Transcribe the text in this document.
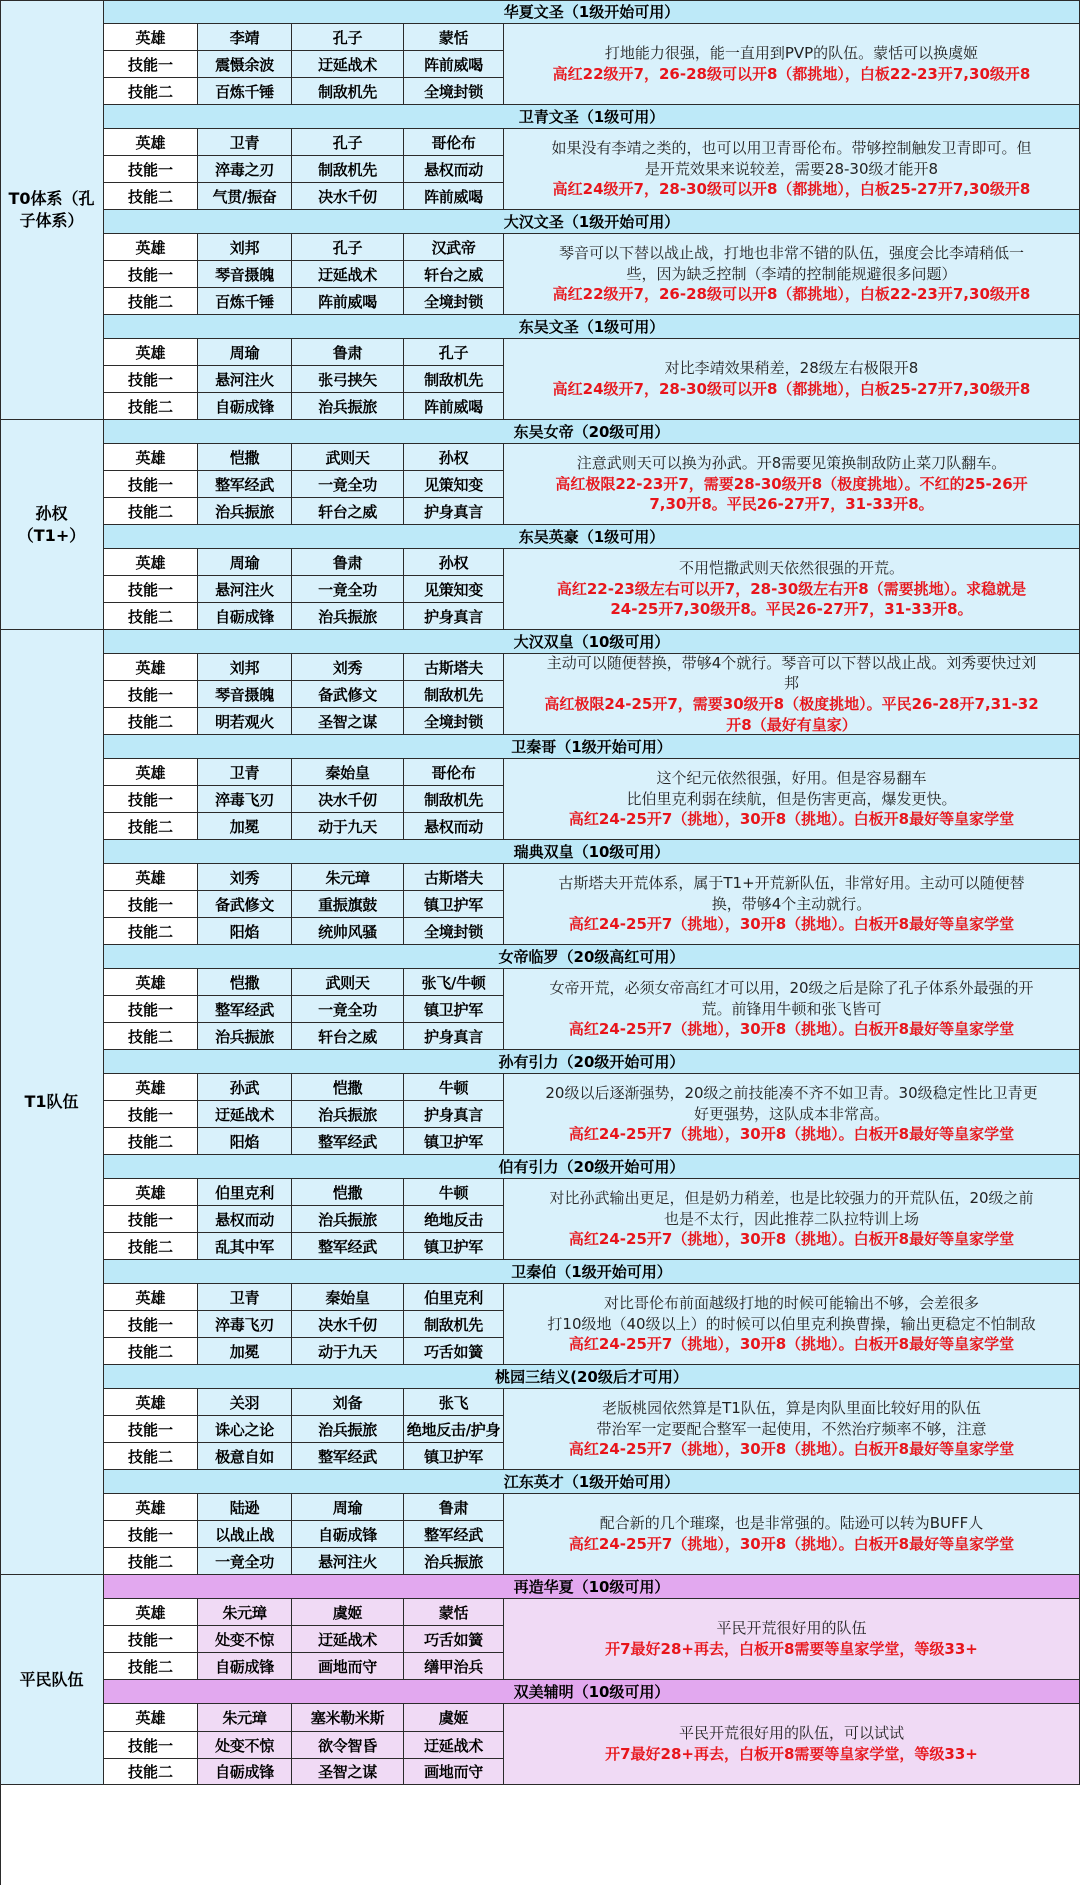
T0体系（孔子体系）
华夏文圣（1级开始可用）
英雄	李靖	孔子	蒙恬
技能一	震慑余波	迂延战术	阵前威喝
技能二	百炼千锤	制敌机先	全境封锁
打地能力很强，能一直用到PVP的队伍。蒙恬可以换虞姬
高红22级开7，26-28级可以开8（都挑地），白板22-23开7,30级开8
卫青文圣（1级可用）
英雄	卫青	孔子	哥伦布
技能一	淬毒之刃	制敌机先	悬权而动
技能二	气贯/振奋	决水千仞	阵前威喝
如果没有李靖之类的，也可以用卫青哥伦布。带够控制触发卫青即可。但
是开荒效果来说较差，需要28-30级才能开8
高红24级开7，28-30级可以开8（都挑地），白板25-27开7,30级开8
大汉文圣（1级开始可用）
英雄	刘邦	孔子	汉武帝
技能一	琴音摄魄	迂延战术	轩台之威
技能二	百炼千锤	阵前威喝	全境封锁
琴音可以下替以战止战，打地也非常不错的队伍，强度会比李靖稍低一
些，因为缺乏控制（李靖的控制能规避很多问题）
高红22级开7，26-28级可以开8（都挑地），白板22-23开7,30级开8
东吴文圣（1级可用）
英雄	周瑜	鲁肃	孔子
技能一	悬河注火	张弓挟矢	制敌机先
技能二	自砺成锋	治兵振旅	阵前威喝
对比李靖效果稍差，28级左右极限开8
高红24级开7，28-30级可以开8（都挑地），白板25-27开7,30级开8
孙权（T1+）
东吴女帝（20级可用）
英雄	恺撒	武则天	孙权
技能一	整军经武	一竟全功	见策知变
技能二	治兵振旅	轩台之威	护身真言
注意武则天可以换为孙武。开8需要见策换制敌防止菜刀队翻车。
高红极限22-23开7，需要28-30级开8（极度挑地）。不红的25-26开
7,30开8。平民26-27开7，31-33开8。
东吴英豪（1级可用）
英雄	周瑜	鲁肃	孙权
技能一	悬河注火	一竟全功	见策知变
技能二	自砺成锋	治兵振旅	护身真言
不用恺撒武则天依然很强的开荒。
高红22-23级左右可以开7，28-30级左右开8（需要挑地）。求稳就是
24-25开7,30级开8。平民26-27开7，31-33开8。
T1队伍
大汉双皇（10级可用）
英雄	刘邦	刘秀	古斯塔夫
技能一	琴音摄魄	备武修文	制敌机先
技能二	明若观火	圣智之谋	全境封锁
主动可以随便替换，带够4个就行。琴音可以下替以战止战。刘秀要快过刘
邦
高红极限24-25开7，需要30级开8（极度挑地）。平民26-28开7,31-32
开8（最好有皇家）
卫秦哥（1级开始可用）
英雄	卫青	秦始皇	哥伦布
技能一	淬毒飞刃	决水千仞	制敌机先
技能二	加冕	动于九天	悬权而动
这个纪元依然很强，好用。但是容易翻车
比伯里克利弱在续航，但是伤害更高，爆发更快。
高红24-25开7（挑地），30开8（挑地）。白板开8最好等皇家学堂
瑞典双皇（10级可用）
英雄	刘秀	朱元璋	古斯塔夫
技能一	备武修文	重振旗鼓	镇卫护军
技能二	阳焰	统帅风骚	全境封锁
古斯塔夫开荒体系，属于T1+开荒新队伍，非常好用。主动可以随便替
换，带够4个主动就行。
高红24-25开7（挑地），30开8（挑地）。白板开8最好等皇家学堂
女帝临罗（20级高红可用）
英雄	恺撒	武则天	张飞/牛顿
技能一	整军经武	一竟全功	镇卫护军
技能二	治兵振旅	轩台之威	护身真言
女帝开荒，必须女帝高红才可以用，20级之后是除了孔子体系外最强的开
荒。前锋用牛顿和张飞皆可
高红24-25开7（挑地），30开8（挑地）。白板开8最好等皇家学堂
孙有引力（20级开始可用）
英雄	孙武	恺撒	牛顿
技能一	迂延战术	治兵振旅	护身真言
技能二	阳焰	整军经武	镇卫护军
20级以后逐渐强势，20级之前技能凑不齐不如卫青。30级稳定性比卫青更
好更强势，这队成本非常高。
高红24-25开7（挑地），30开8（挑地）。白板开8最好等皇家学堂
伯有引力（20级开始可用）
英雄	伯里克利	恺撒	牛顿
技能一	悬权而动	治兵振旅	绝地反击
技能二	乱其中军	整军经武	镇卫护军
对比孙武输出更足，但是奶力稍差，也是比较强力的开荒队伍，20级之前
也是不太行，因此推荐二队拉特训上场
高红24-25开7（挑地），30开8（挑地）。白板开8最好等皇家学堂
卫秦伯（1级开始可用）
英雄	卫青	秦始皇	伯里克利
技能一	淬毒飞刃	决水千仞	制敌机先
技能二	加冕	动于九天	巧舌如簧
对比哥伦布前面越级打地的时候可能输出不够，会差很多
打10级地（40级以上）的时候可以伯里克利换曹操，输出更稳定不怕制敌
高红24-25开7（挑地），30开8（挑地）。白板开8最好等皇家学堂
桃园三结义(20级后才可用）
英雄	关羽	刘备	张飞
技能一	诛心之论	治兵振旅	绝地反击/护身
技能二	极意自如	整军经武	镇卫护军
老版桃园依然算是T1队伍，算是肉队里面比较好用的队伍
带治军一定要配合整军一起使用，不然治疗频率不够，注意
高红24-25开7（挑地），30开8（挑地）。白板开8最好等皇家学堂
江东英才（1级开始可用）
英雄	陆逊	周瑜	鲁肃
技能一	以战止战	自砺成锋	整军经武
技能二	一竟全功	悬河注火	治兵振旅
配合新的几个璀璨，也是非常强的。陆逊可以转为BUFF人
高红24-25开7（挑地），30开8（挑地）。白板开8最好等皇家学堂
平民队伍
再造华夏（10级可用）
英雄	朱元璋	虞姬	蒙恬
技能一	处变不惊	迂延战术	巧舌如簧
技能二	自砺成锋	画地而守	缮甲治兵
平民开荒很好用的队伍
开7最好28+再去，白板开8需要等皇家学堂，等级33+
双美辅明（10级可用）
英雄	朱元璋	塞米勒米斯	虞姬
技能一	处变不惊	欲令智昏	迂延战术
技能二	自砺成锋	圣智之谋	画地而守
平民开荒很好用的队伍，可以试试
开7最好28+再去，白板开8需要等皇家学堂，等级33+
